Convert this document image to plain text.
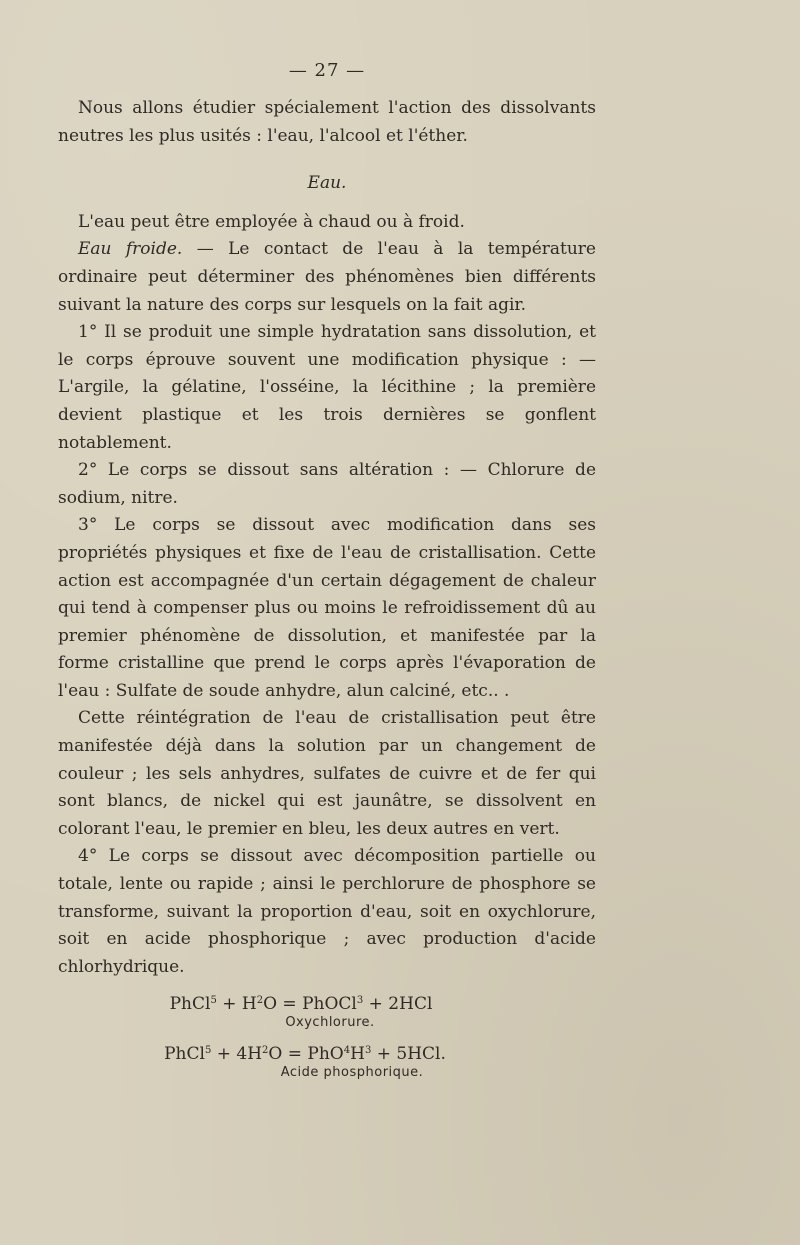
— 27 —

Nous allons étudier spécialement l'action des dissolvants neutres les plus usités : l'eau, l'alcool et l'éther.

Eau.

L'eau peut être employée à chaud ou à froid.

Eau froide. — Le contact de l'eau à la température ordinaire peut déterminer des phénomènes bien différents suivant la nature des corps sur lesquels on la fait agir.

1° Il se produit une simple hydratation sans dissolution, et le corps éprouve souvent une modification physique : — L'argile, la gélatine, l'osséine, la lécithine ; la première devient plastique et les trois dernières se gonflent notablement.

2° Le corps se dissout sans altération : — Chlorure de sodium, nitre.

3° Le corps se dissout avec modification dans ses propriétés physiques et fixe de l'eau de cristallisation. Cette action est accompagnée d'un certain dégagement de chaleur qui tend à compenser plus ou moins le refroidissement dû au premier phénomène de dissolution, et manifestée par la forme cristalline que prend le corps après l'évaporation de l'eau : Sulfate de soude anhydre, alun calciné, etc.. .

Cette réintégration de l'eau de cristallisation peut être manifestée déjà dans la solution par un changement de couleur ; les sels anhydres, sulfates de cuivre et de fer qui sont blancs, de nickel qui est jaunâtre, se dissolvent en colorant l'eau, le premier en bleu, les deux autres en vert.

4° Le corps se dissout avec décomposition partielle ou totale, lente ou rapide ; ainsi le perchlorure de phosphore se transforme, suivant la proportion d'eau, soit en oxychlorure, soit en acide phosphorique ; avec production d'acide chlorhydrique.

PhCl$^5$ + $H^2O$ = PhOCl$^3$ + 2HCl
Oxychlorure.
PhCl$^5$ + $4H^2O = PhO^4H^3 + 5HCl$.
Acide phosphorique.
